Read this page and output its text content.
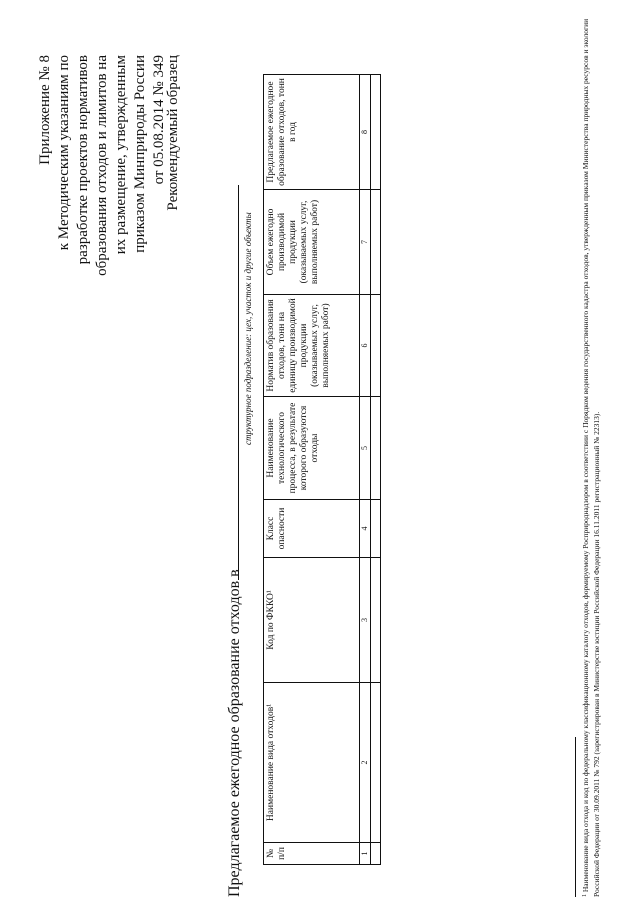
Приложение № 8 к Методическим указаниям по разработке проектов нормативов образования отходов и лимитов на их размещение, утвержденным приказом Минприроды России от 05.08.2014 № 349
Рекомендуемый образец
Предлагаемое ежегодное образование отходов в
структурное подразделение: цех, участок и другие объекты
№ п/п	Наименование вида отходов¹	Код по ФККО¹	Класс опасности	Наименование технологического процесса, в результате которого образуются отходы	Норматив образования отходов, тонн на единицу производимой продукции (оказываемых услуг, выполняемых работ)	Объем ежегодно производимой продукции (оказываемых услуг, выполняемых работ)	Предлагаемое ежегодное образование отходов, тонн в год
1	2	3	4	5	6	7	8

$^1$ Наименование вида отхода и код по федеральному классификационному каталогу отходов, формируемому Росприроднадзором в соответствии с Порядком ведения государственного кадастра отходов, утвержденным приказом Министерства природных ресурсов и экологии Российской Федерации от 30.09.2011 № 792 (зарегистрирован в Министерстве юстиции Российской Федерации 16.11.2011 регистрационный № 22313).
